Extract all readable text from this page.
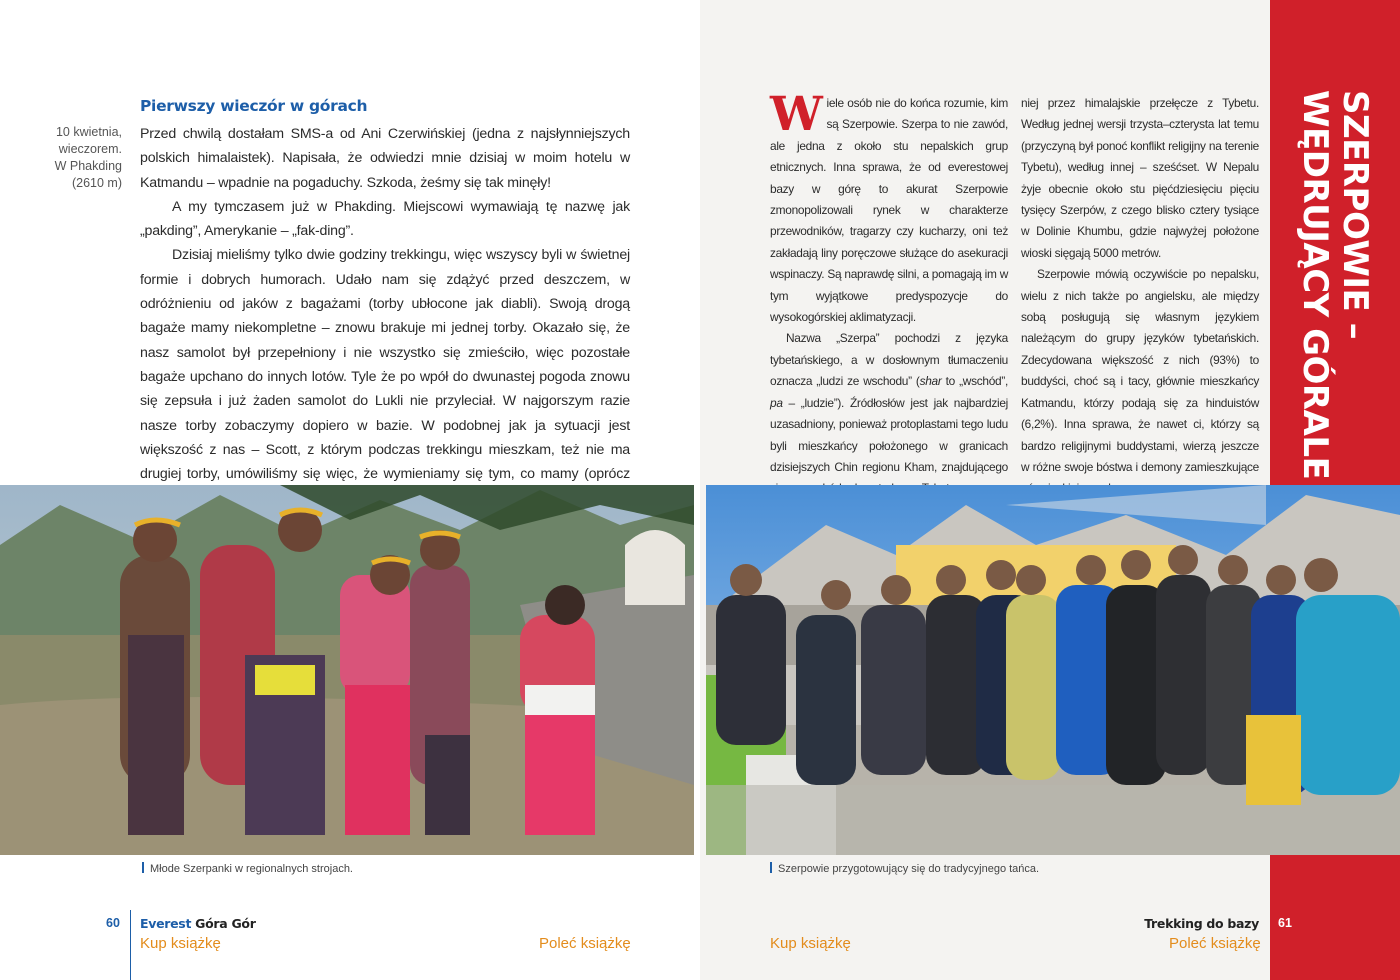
SZERPOWIE –
WĘDRUJĄCY GÓRALE
10 kwietnia,
wieczorem.
W Phakding
(2610 m)
Pierwszy wieczór w górach

Przed chwilą dostałam SMS-a od Ani Czerwińskiej (jedna z najsłynniejszych polskich himalaistek). Napisała, że odwiedzi mnie dzisiaj w moim hotelu w Katmandu – wpadnie na pogaduchy. Szkoda, żeśmy się tak minęły!

A my tymczasem już w Phakding. Miejscowi wymawiają tę nazwę jak „pakding”, Amerykanie – „fak-ding”.

Dzisiaj mieliśmy tylko dwie godziny trekkingu, więc wszyscy byli w świetnej formie i dobrych humorach. Udało nam się zdążyć przed deszczem, w odróżnieniu od jaków z bagażami (torby ubłocone jak diabli). Swoją drogą bagaże mamy niekompletne – znowu brakuje mi jednej torby. Okazało się, że nasz samolot był przepełniony i nie wszystko się zmieściło, więc pozostałe bagaże upchano do innych lotów. Tyle że po wpół do dwunastej pogoda znowu się zepsuła i już żaden samolot do Lukli nie przyleciał. W najgorszym razie nasze torby zobaczymy dopiero w bazie. W podobnej jak ja sytuacji jest większość z nas – Scott, z którym podczas trekkingu mieszkam, też nie ma drugiej torby, umówiliśmy się więc, że wymieniamy się tym, co mamy (oprócz

Wiele osób nie do końca rozumie, kim są Szerpowie. Szerpa to nie zawód, ale jedna z około stu nepalskich grup etnicznych. Inna sprawa, że od everestowej bazy w górę to akurat Szerpowie zmonopolizowali rynek w charakterze przewodników, tragarzy czy kucharzy, oni też zakładają liny poręczowe służące do asekuracji wspinaczy. Są naprawdę silni, a pomagają im w tym wyjątkowe predyspozycje do wysokogórskiej aklimatyzacji.

Nazwa „Szerpa” pochodzi z języka tybetańskiego, a w dosłownym tłumaczeniu oznacza „ludzi ze wschodu” (shar to „wschód”, pa – „ludzie”). Źródłosłów jest jak najbardziej uzasadniony, ponieważ protoplastami tego ludu byli mieszkańcy położonego w granicach dzisiejszych Chin regionu Kham, znajdującego

niej przez himalajskie przełęcze z Tybetu. Według jednej wersji trzysta–czterysta lat temu (przyczyną był ponoć konflikt religijny na terenie Tybetu), według innej – sześćset. W Nepalu żyje obecnie około stu pięćdziesięciu pięciu tysięcy Szerpów, z czego blisko cztery tysiące w Dolinie Khumbu, gdzie najwyżej położone wioski sięgają 5000 metrów.

Szerpowie mówią oczywiście po nepalsku, wielu z nich także po angielsku, ale między sobą posługują się własnym językiem należącym do grupy języków tybetańskich. Zdecydowana większość z nich (93%) to buddyści, choć są i tacy, głównie mieszkańcy Katmandu, którzy podają się za hinduistów (6,2%). Inna sprawa, że nawet ci, którzy są bardzo religijnymi buddystami, wierzą jeszcze w różne swoje bóstwa i demony zamieszkujące

Młode Szerpanki w regionalnych strojach.	Szerpowie przygotowujący się do tradycyjnego tańca.
60 Everest Góra Gór	Trekking do bazy 61
Kup książkę	Poleć książkę	Kup książkę	Poleć książkę
